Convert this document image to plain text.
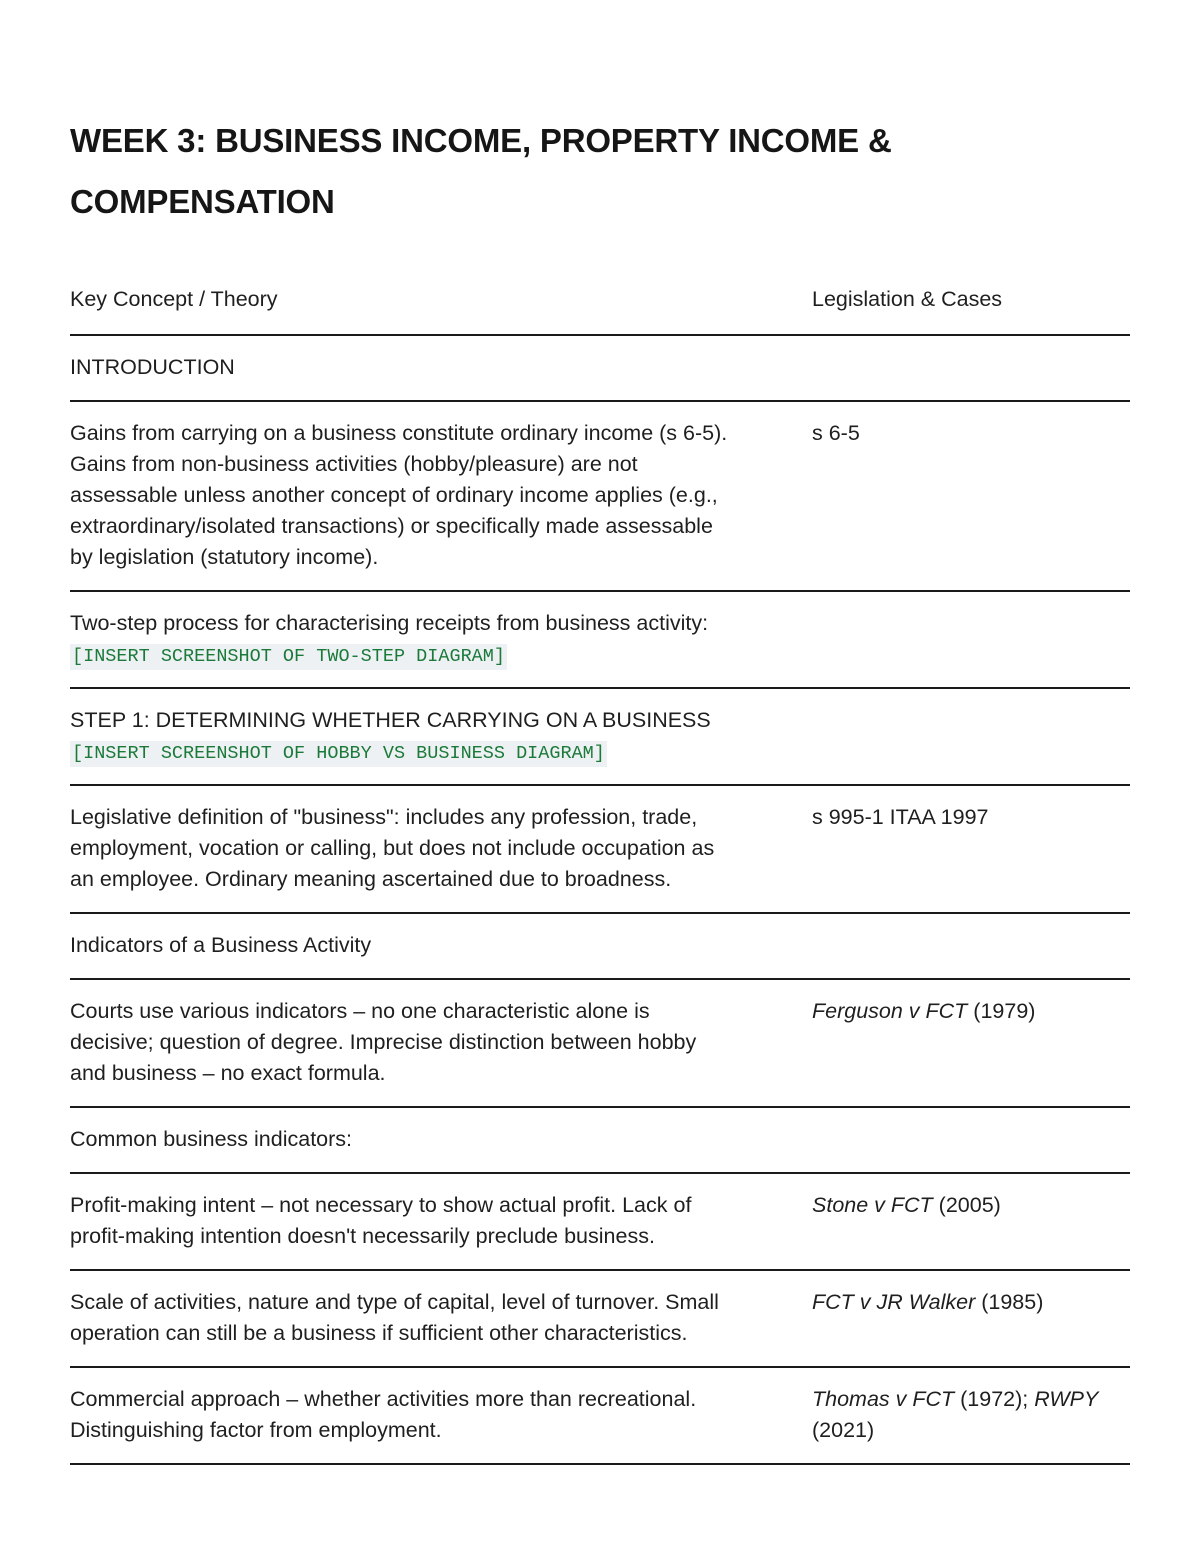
WEEK 3: BUSINESS INCOME, PROPERTY INCOME &
COMPENSATION
Key Concept / Theory	Legislation & Cases

INTRODUCTION	

Gains from carrying on a business constitute ordinary income (s 6-5).
Gains from non-business activities (hobby/pleasure) are not
assessable unless another concept of ordinary income applies (e.g.,
extraordinary/isolated transactions) or specifically made assessable
by legislation (statutory income).	s 6-5

Two-step process for characterising receipts from business activity:
[INSERT SCREENSHOT OF TWO-STEP DIAGRAM]	

STEP 1: DETERMINING WHETHER CARRYING ON A BUSINESS
[INSERT SCREENSHOT OF HOBBY VS BUSINESS DIAGRAM]	

Legislative definition of "business": includes any profession, trade,
employment, vocation or calling, but does not include occupation as
an employee. Ordinary meaning ascertained due to broadness.	s 995-1 ITAA 1997

Indicators of a Business Activity	

Courts use various indicators – no one characteristic alone is
decisive; question of degree. Imprecise distinction between hobby
and business – no exact formula.	Ferguson v FCT (1979)

Common business indicators:	

Profit-making intent – not necessary to show actual profit. Lack of
profit-making intention doesn't necessarily preclude business.	Stone v FCT (2005)

Scale of activities, nature and type of capital, level of turnover. Small
operation can still be a business if sufficient other characteristics.	FCT v JR Walker (1985)

Commercial approach – whether activities more than recreational.
Distinguishing factor from employment.	Thomas v FCT (1972); RWPY
(2021)
